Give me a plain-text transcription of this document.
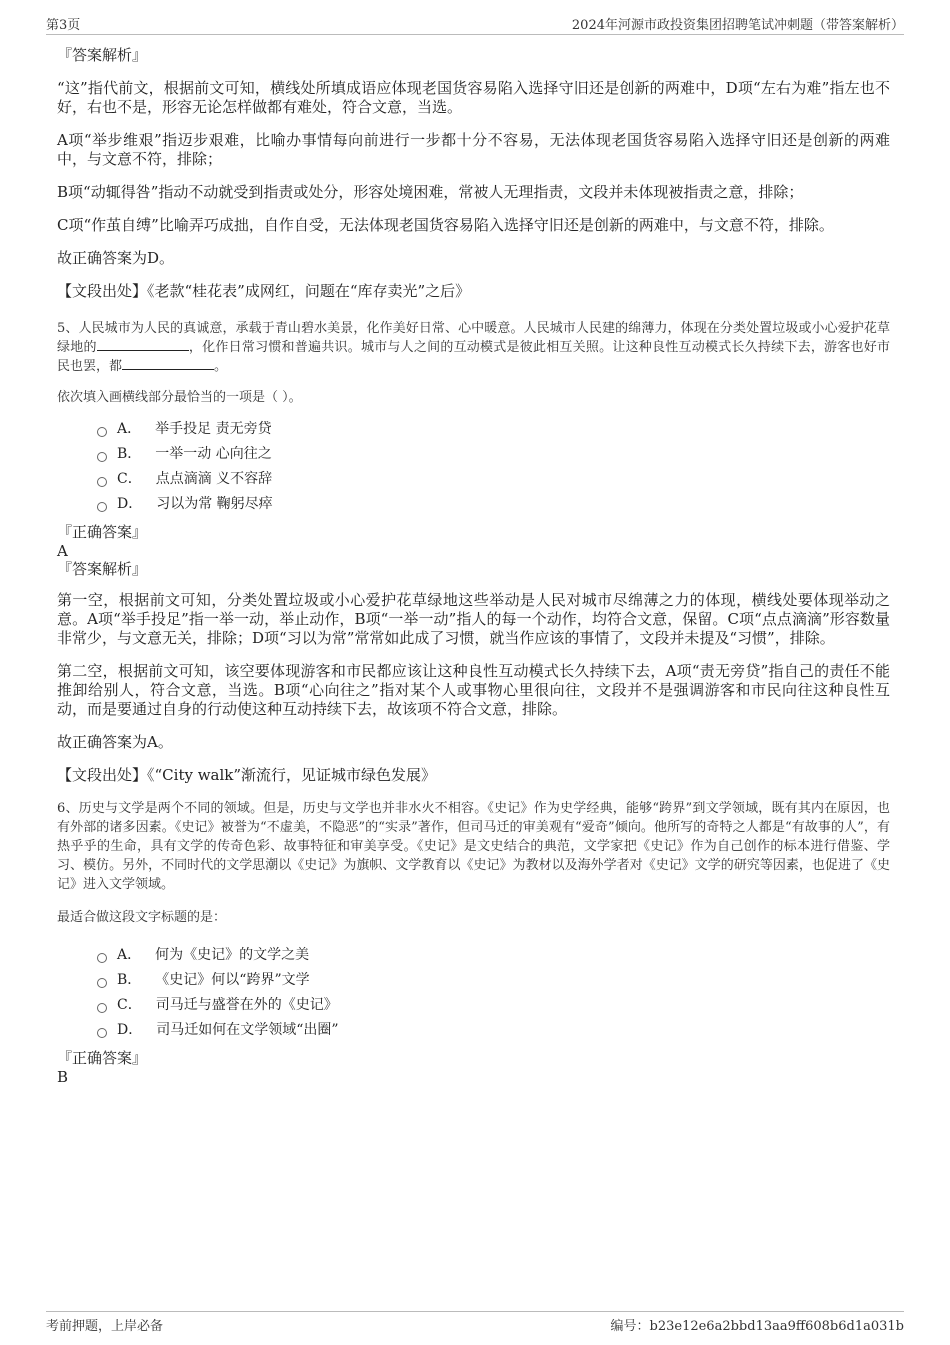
第3页	2024年河源市政投资集团招聘笔试冲刺题（带答案解析）

『答案解析』

“这”指代前文，根据前文可知，横线处所填成语应体现老国货容易陷入选择守旧还是创新的两难中，D项“左右为难”指左也不好，右也不是，形容无论怎样做都有难处，符合文意，当选。

A项“举步维艰”指迈步艰难，比喻办事情每向前进行一步都十分不容易，无法体现老国货容易陷入选择守旧还是创新的两难中，与文意不符，排除；

B项“动辄得咎”指动不动就受到指责或处分，形容处境困难，常被人无理指责，文段并未体现被指责之意，排除；

C项“作茧自缚”比喻弄巧成拙，自作自受，无法体现老国货容易陷入选择守旧还是创新的两难中，与文意不符，排除。

故正确答案为D。

【文段出处】《老款“桂花表”成网红，问题在“库存卖光”之后》

5、人民城市为人民的真诚意，承载于青山碧水美景，化作美好日常、心中暖意。人民城市人民建的绵薄力，体现在分类处置垃圾或小心爱护花草绿地的	，化作日常习惯和普遍共识。城市与人之间的互动模式是彼此相互关照。让这种良性互动模式长久持续下去，游客也好市民也罢，都	。

依次填入画横线部分最恰当的一项是（ ）。

A． 举手投足 责无旁贷
B． 一举一动 心向往之
C． 点点滴滴 义不容辞
D． 习以为常 鞠躬尽瘁

『正确答案』

A

『答案解析』

第一空，根据前文可知，分类处置垃圾或小心爱护花草绿地这些举动是人民对城市尽绵薄之力的体现，横线处要体现举动之意。A项“举手投足”指一举一动，举止动作，B项“一举一动”指人的每一个动作，均符合文意，保留。C项“点点滴滴”形容数量非常少，与文意无关，排除；D项“习以为常”常常如此成了习惯，就当作应该的事情了，文段并未提及“习惯”，排除。

第二空，根据前文可知，该空要体现游客和市民都应该让这种良性互动模式长久持续下去，A项“责无旁贷”指自己的责任不能推卸给别人，符合文意，当选。B项“心向往之”指对某个人或事物心里很向往，文段并不是强调游客和市民向往这种良性互动，而是要通过自身的行动使这种互动持续下去，故该项不符合文意，排除。

故正确答案为A。

【文段出处】《“City walk”渐流行，见证城市绿色发展》

6、历史与文学是两个不同的领域。但是，历史与文学也并非水火不相容。《史记》作为史学经典，能够“跨界”到文学领域，既有其内在原因，也有外部的诸多因素。《史记》被誉为“不虚美，不隐恶”的“实录”著作，但司马迁的审美观有“爱奇”倾向。他所写的奇特之人都是“有故事的人”，有热乎乎的生命，具有文学的传奇色彩、故事特征和审美享受。《史记》是文史结合的典范，文学家把《史记》作为自己创作的标本进行借鉴、学习、模仿。另外，不同时代的文学思潮以《史记》为旗帜、文学教育以《史记》为教材以及海外学者对《史记》文学的研究等因素，也促进了《史记》进入文学领域。

最适合做这段文字标题的是：

A． 何为《史记》的文学之美
B． 《史记》何以“跨界”文学
C． 司马迁与盛誉在外的《史记》
D． 司马迁如何在文学领域“出圈”

『正确答案』

B

考前押题，上岸必备	编号：b23e12e6a2bbd13aa9ff608b6d1a031b
